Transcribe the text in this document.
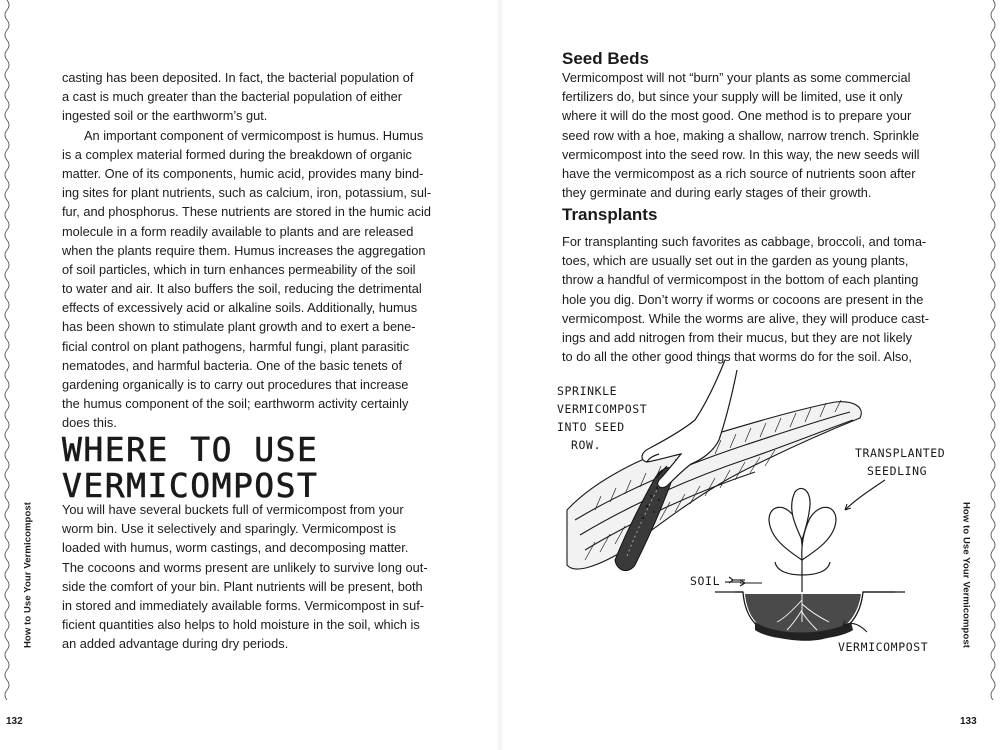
How to Use Your Vermicompost
132
casting has been deposited. In fact, the bacterial population of
a cast is much greater than the bacterial population of either
ingested soil or the earthworm’s gut.
An important component of vermicompost is humus. Humus
is a complex material formed during the breakdown of organic
matter. One of its components, humic acid, provides many bind-
ing sites for plant nutrients, such as calcium, iron, potassium, sul-
fur, and phosphorus. These nutrients are stored in the humic acid
molecule in a form readily available to plants and are released
when the plants require them. Humus increases the aggregation
of soil particles, which in turn enhances permeability of the soil
to water and air. It also buffers the soil, reducing the detrimental
effects of excessively acid or alkaline soils. Additionally, humus
has been shown to stimulate plant growth and to exert a bene-
ficial control on plant pathogens, harmful fungi, plant parasitic
nematodes, and harmful bacteria. One of the basic tenets of
gardening organically is to carry out procedures that increase
the humus component of the soil; earthworm activity certainly
does this.
WHERE TO USE
VERMICOMPOST
You will have several buckets full of vermicompost from your
worm bin. Use it selectively and sparingly. Vermicompost is
loaded with humus, worm castings, and decomposing matter.
The cocoons and worms present are unlikely to survive long out-
side the comfort of your bin. Plant nutrients will be present, both
in stored and immediately available forms. Vermicompost in suf-
ficient quantities also helps to hold moisture in the soil, which is
an added advantage during dry periods.	How to Use Your Vermicompost
133
Seed Beds
Vermicompost will not “burn” your plants as some commercial
fertilizers do, but since your supply will be limited, use it only
where it will do the most good. One method is to prepare your
seed row with a hoe, making a shallow, narrow trench. Sprinkle
vermicompost into the seed row. In this way, the new seeds will
have the vermicompost as a rich source of nutrients soon after
they germinate and during early stages of their growth.
Transplants
For transplanting such favorites as cabbage, broccoli, and toma-
toes, which are usually set out in the garden as young plants,
throw a handful of vermicompost in the bottom of each planting
hole you dig. Don’t worry if worms or cocoons are present in the
vermicompost. While the worms are alive, they will produce cast-
ings and add nitrogen from their mucus, but they are not likely
to do all the other good things that worms do for the soil. Also,
SPRINKLE
VERMICOMPOST
INTO SEED
ROW.
TRANSPLANTED
SEEDLING
SOIL
VERMICOMPOST
